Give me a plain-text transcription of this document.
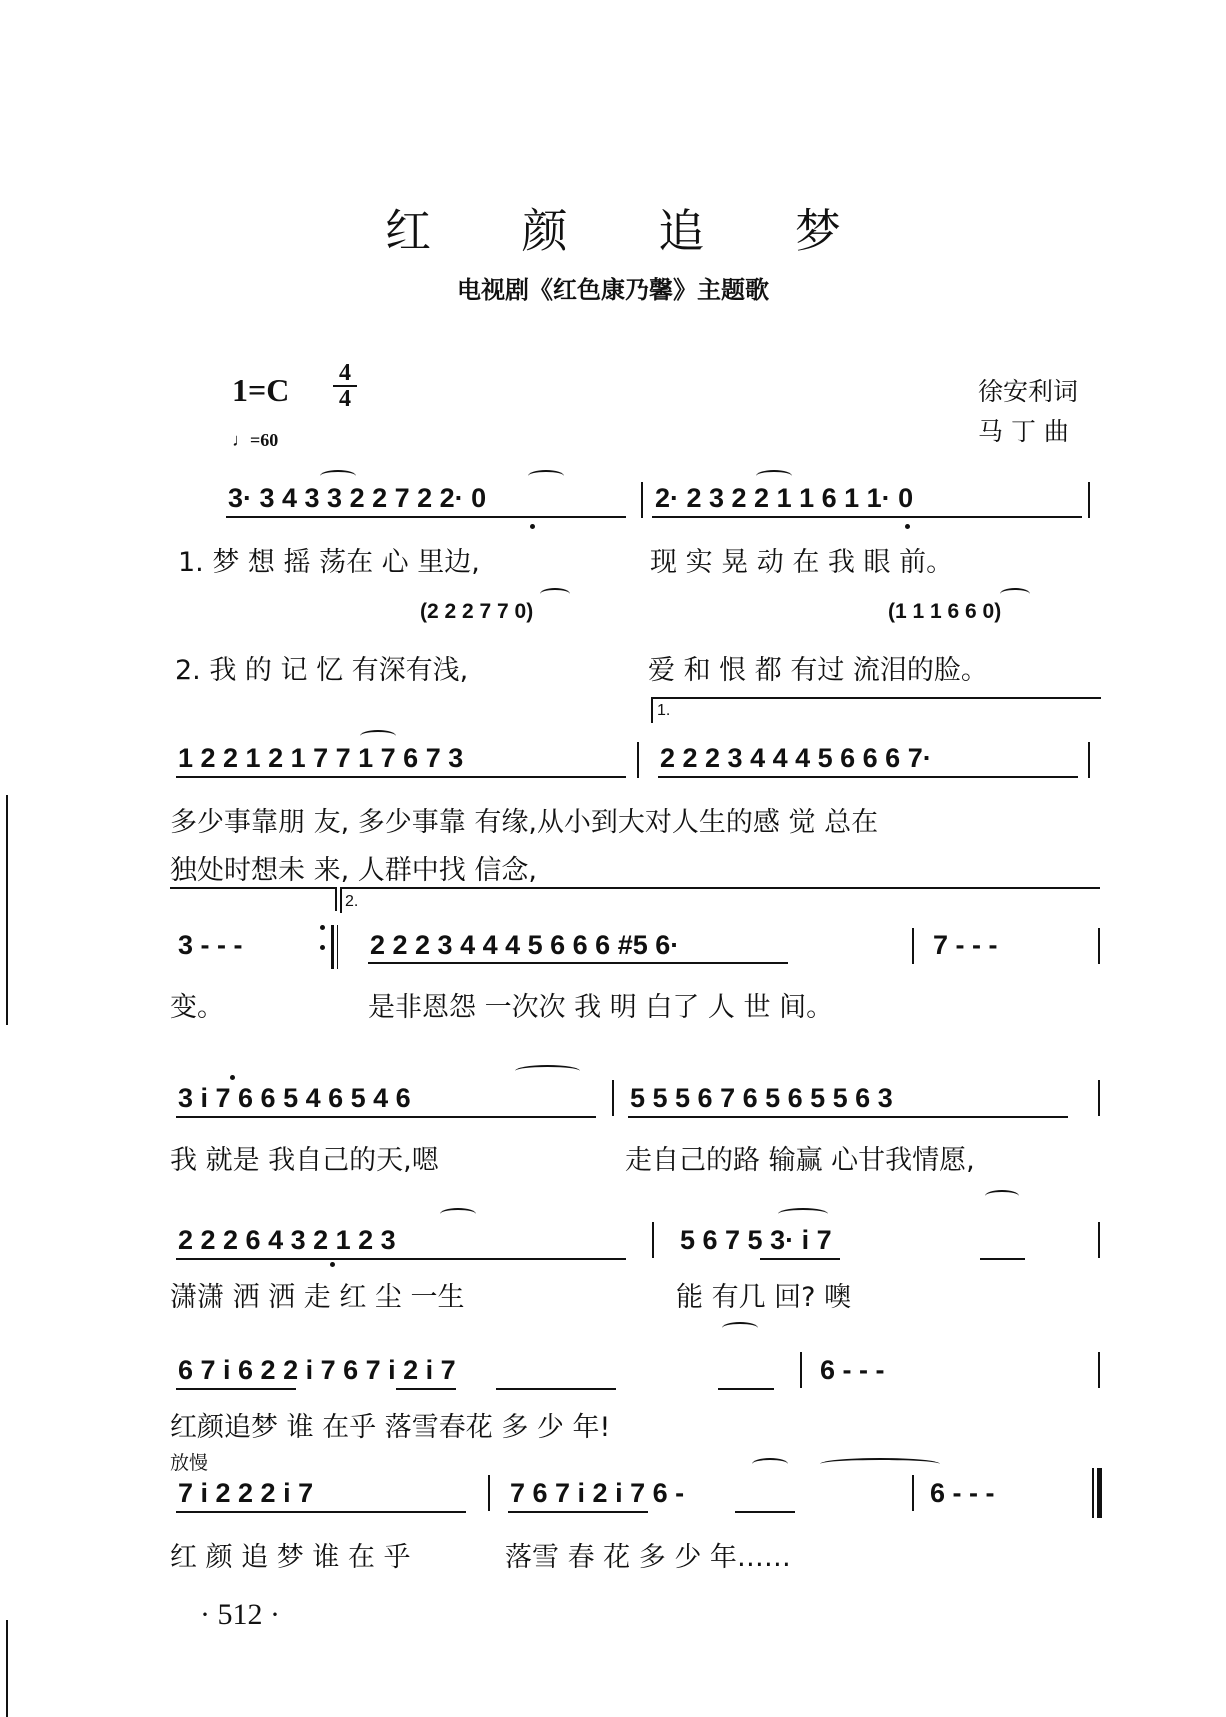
红 颜 追 梦
电视剧《红色康乃馨》主题歌
1=C 4
4
♩=60
徐安利词
马 丁 曲
3· 3 4 3 3 2 2 7 2 2· 0	2· 2 3 2 2 1 1 6 1 1· 0
1. 梦 想 摇 荡在 心 里边,	现 实 晃 动 在 我 眼 前。
(2 2 2 7 7 0)	(1 1 1 6 6 0)
2. 我 的 记 忆 有深有浅,	爱 和 恨 都 有过 流泪的脸。
1.
1 2 2 1 2 1 7 7 1 7 6 7 3	2 2 2 3 4 4 4 5 6 6 6 7·
多少事靠朋 友, 多少事靠 有缘,从小到大对人生的感 觉 总在
独处时想未 来, 人群中找 信念,
2.
3 - - -	2 2 2 3 4 4 4 5 6 6 6 #5 6·	7 - - -
变。	是非恩怨 一次次 我 明 白了 人 世 间。
3 i 7 6 6 5 4 6 5 4 6	5 5 5 6 7 6 5 6 5 5 6 3
我 就是 我自己的天,嗯	走自己的路 输赢 心甘我情愿,
2 2 2 6 4 3 2 1 2 3	5 6 7 5 3· i 7
潇潇 洒 洒 走 红 尘 一生	能 有几 回? 噢
6 7 i 6 2 2 i 7 6 7 i 2 i 7	6 - - -
红颜追梦 谁 在乎 落雪春花 多 少 年!
放慢
7 i 2 2 2 i 7	7 6 7 i 2 i 7 6 -	6 - - -
红 颜 追 梦 谁 在 乎	落雪 春 花 多 少 年……
· 512 ·
